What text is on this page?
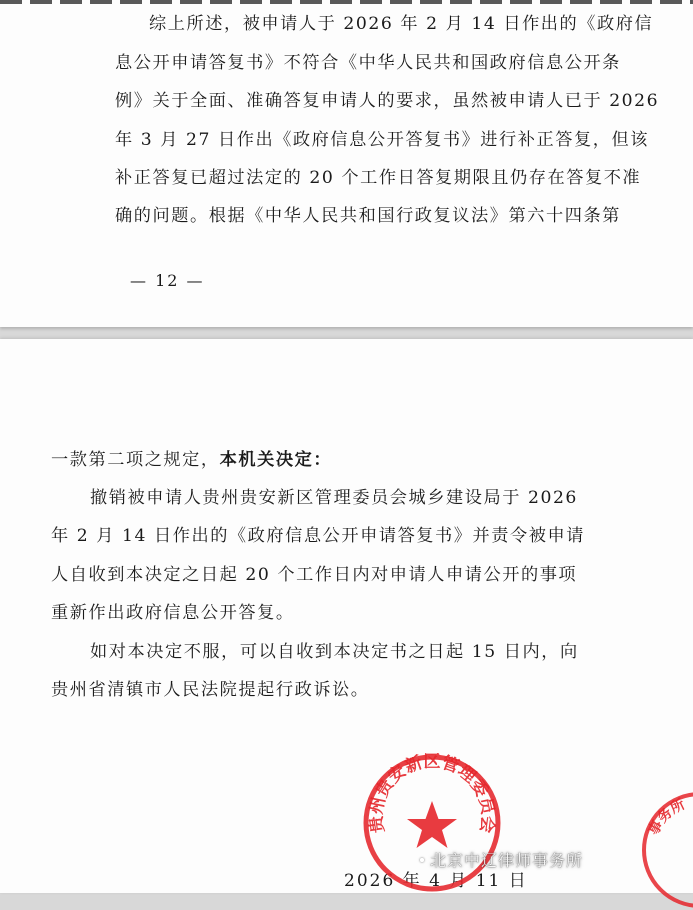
综上所述，被申请人于 2026 年 2 月 14 日作出的《政府信
息公开申请答复书》不符合《中华人民共和国政府信息公开条
例》关于全面、准确答复申请人的要求，虽然被申请人已于 2026
年 3 月 27 日作出《政府信息公开答复书》进行补正答复，但该
补正答复已超过法定的 20 个工作日答复期限且仍存在答复不准
确的问题。根据《中华人民共和国行政复议法》第六十四条第
— 12 —
一款第二项之规定，本机关决定：
撤销被申请人贵州贵安新区管理委员会城乡建设局于 2026
年 2 月 14 日作出的《政府信息公开申请答复书》并责令被申请
人自收到本决定之日起 20 个工作日内对申请人申请公开的事项
重新作出政府信息公开答复。
如对本决定不服，可以自收到本决定书之日起 15 日内，向
贵州省清镇市人民法院提起行政诉讼。
2026 年 4 月 11 日
贵州贵安新区管理委员会	事务所
北京中辽律师事务所
